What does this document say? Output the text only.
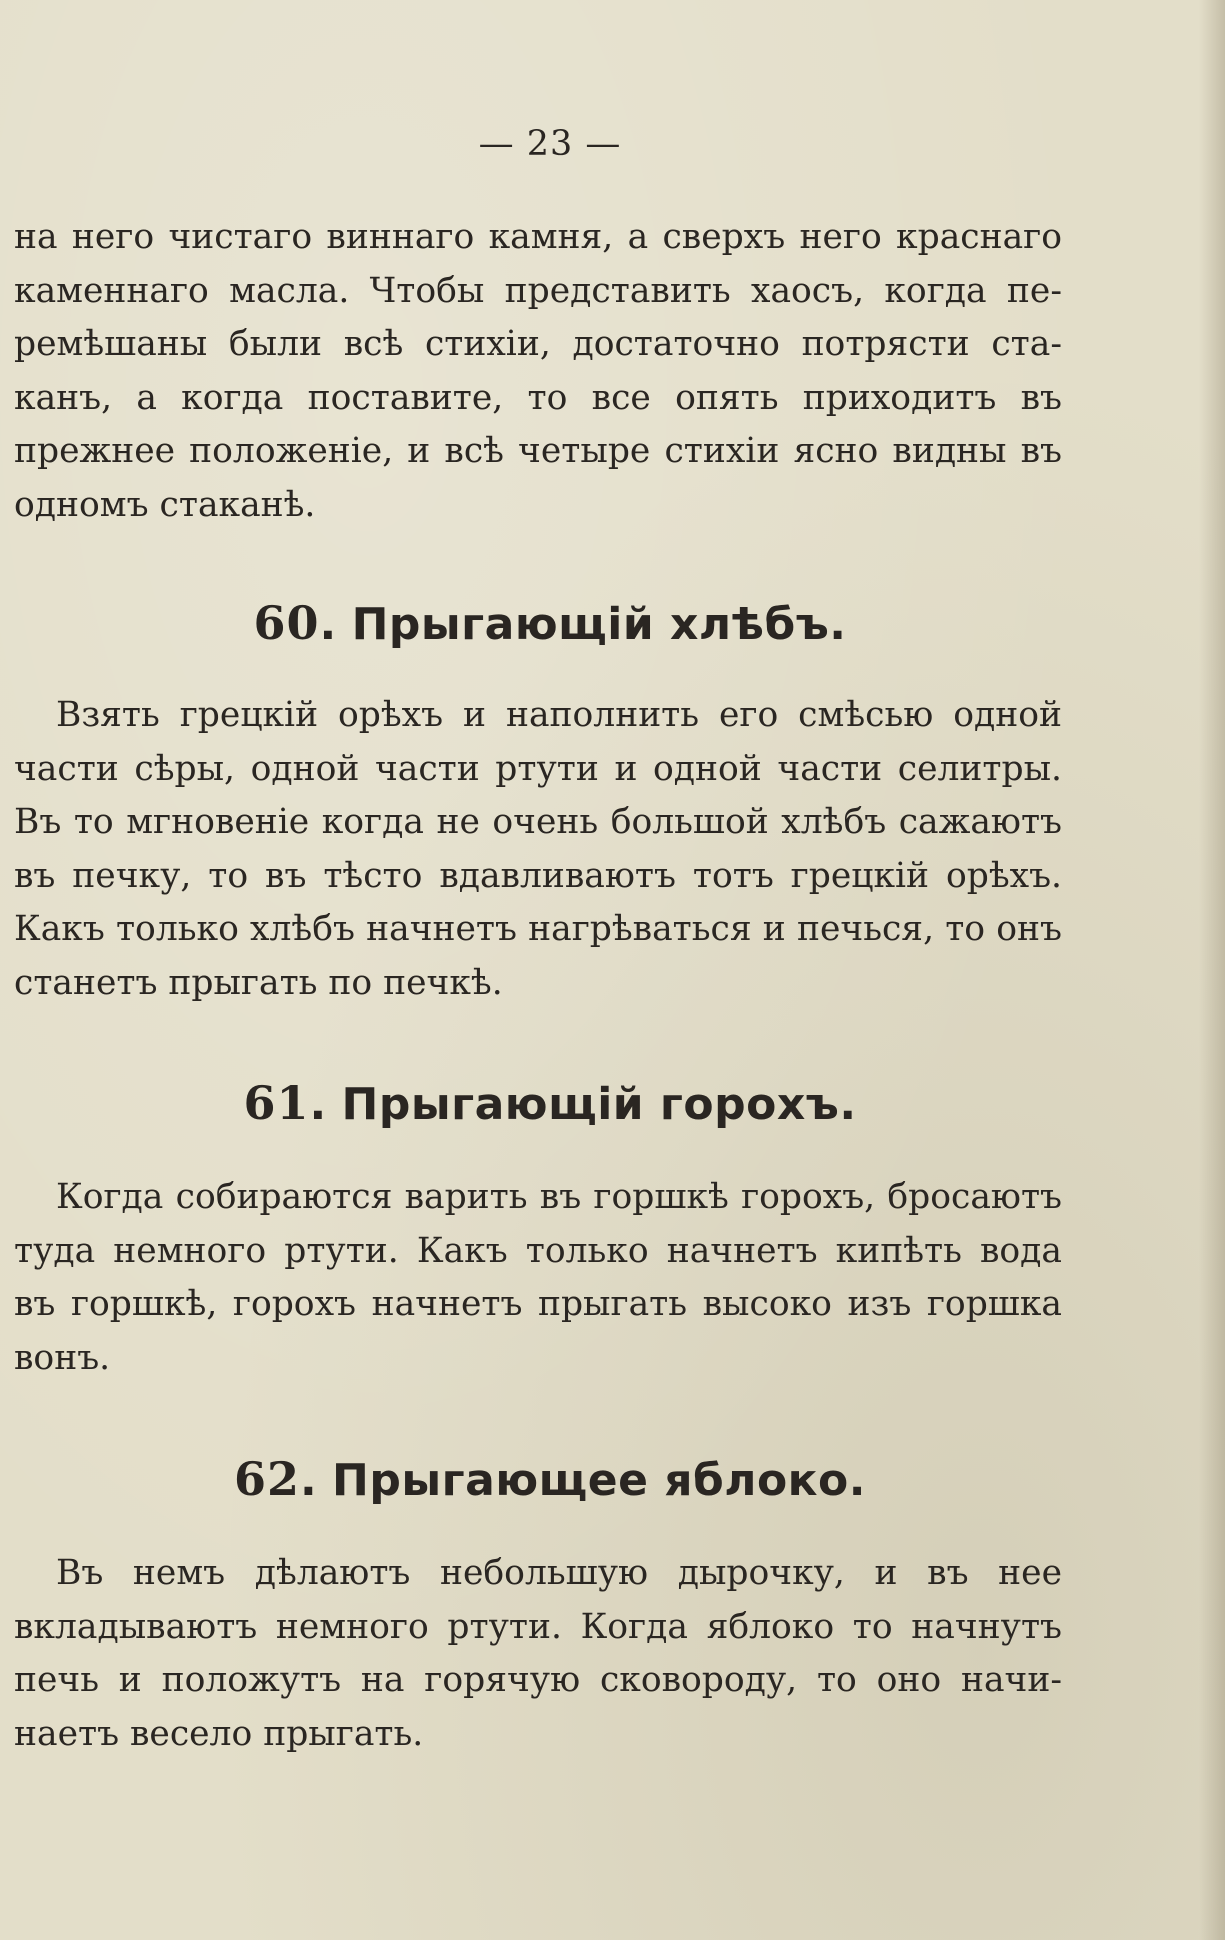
— 23 —

на него чистаго виннаго камня, а сверхъ него краснаго каменнаго масла. Чтобы представить хаосъ, когда перемѣшаны были всѣ стихіи, достаточно потрясти стаканъ, а когда поставите, то все опять приходитъ въ прежнее положеніе, и всѣ четыре стихіи ясно видны въ одномъ стаканѣ.

60. Прыгающій хлѣбъ.

Взять грецкій орѣхъ и наполнить его смѣсью одной части сѣры, одной части ртути и одной части селитры. Въ то мгновеніе когда не очень большой хлѣбъ сажаютъ въ печку, то въ тѣсто вдавливаютъ тотъ грецкій орѣхъ. Какъ только хлѣбъ начнетъ нагрѣваться и печься, то онъ станетъ прыгать по печкѣ.

61. Прыгающій горохъ.

Когда собираются варить въ горшкѣ горохъ, бросаютъ туда немного ртути. Какъ только начнетъ кипѣть вода въ горшкѣ, горохъ начнетъ прыгать высоко изъ горшка вонъ.

62. Прыгающее яблоко.

Въ немъ дѣлаютъ небольшую дырочку, и въ нее вкладываютъ немного ртути. Когда яблоко то начнутъ печь и положутъ на горячую сковороду, то оно начинаетъ весело прыгать.
